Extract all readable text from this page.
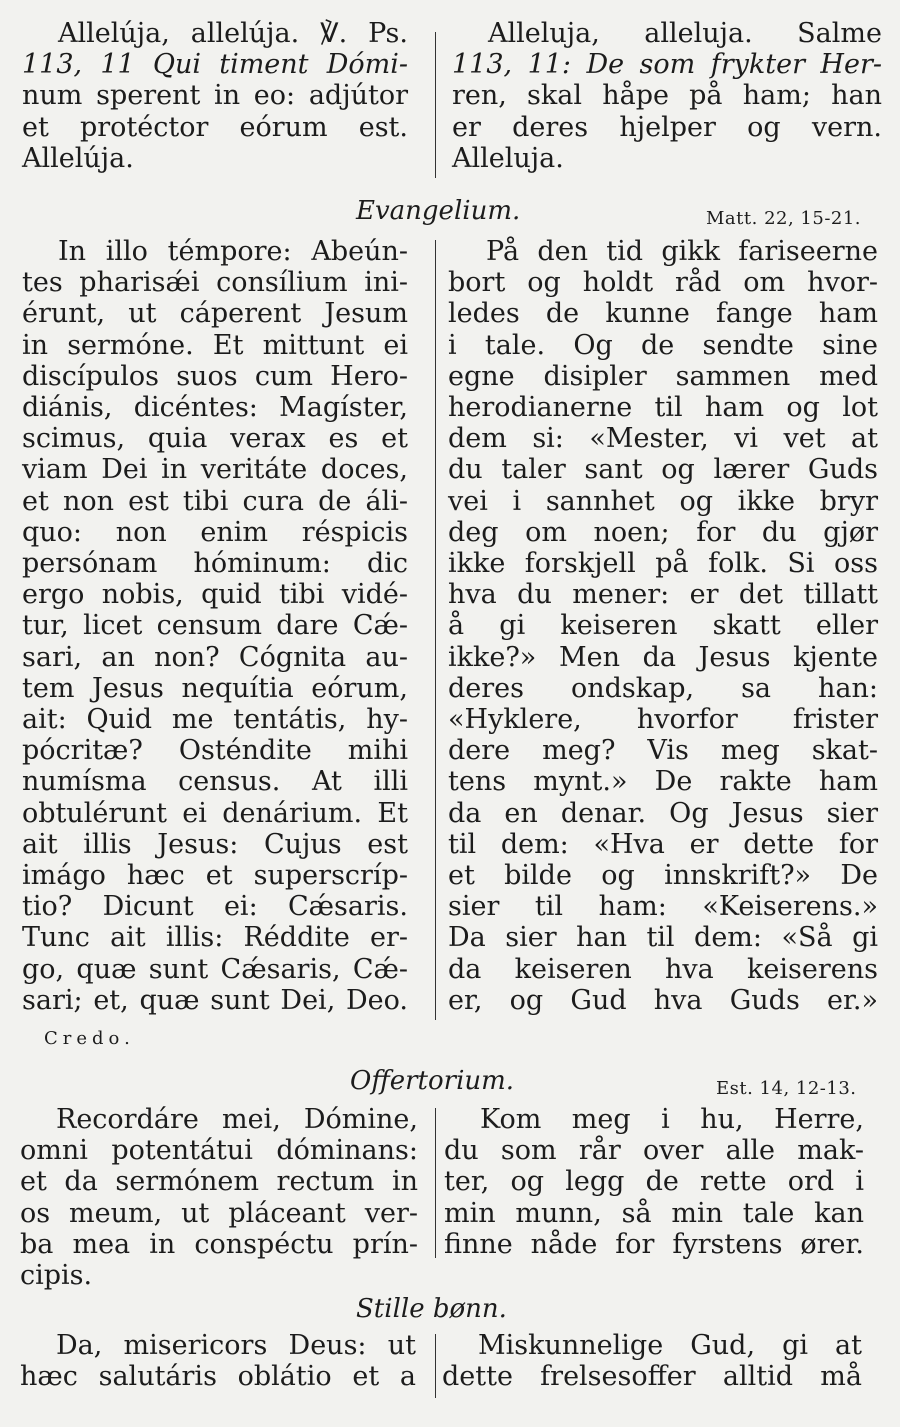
Allelúja, allelúja. ℣. Ps.
113, 11 Qui timent Dómi-
num sperent in eo: adjútor
et protéctor eórum est.
Allelúja.
Alleluja, alleluja. Salme
113, 11: De som frykter Her-
ren, skal håpe på ham; han
er deres hjelper og vern.
Alleluja.
Evangelium.	Matt. 22, 15-21.
In illo témpore: Abeún-
tes pharisǽi consílium ini-
érunt, ut cáperent Jesum
in sermóne. Et mittunt ei
discípulos suos cum Hero-
diánis, dicéntes: Magíster,
scimus, quia verax es et
viam Dei in veritáte doces,
et non est tibi cura de áli-
quo: non enim réspicis
persónam hóminum: dic
ergo nobis, quid tibi vidé-
tur, licet censum dare Cǽ-
sari, an non? Cógnita au-
tem Jesus nequítia eórum,
ait: Quid me tentátis, hy-
pócritæ? Osténdite mihi
numísma census. At illi
obtulérunt ei denárium. Et
ait illis Jesus: Cujus est
imágo hæc et superscríp-
tio? Dicunt ei: Cǽsaris.
Tunc ait illis: Réddite er-
go, quæ sunt Cǽsaris, Cǽ-
sari; et, quæ sunt Dei, Deo.
På den tid gikk fariseerne
bort og holdt råd om hvor-
ledes de kunne fange ham
i tale. Og de sendte sine
egne disipler sammen med
herodianerne til ham og lot
dem si: «Mester, vi vet at
du taler sant og lærer Guds
vei i sannhet og ikke bryr
deg om noen; for du gjør
ikke forskjell på folk. Si oss
hva du mener: er det tillatt
å gi keiseren skatt eller
ikke?» Men da Jesus kjente
deres ondskap, sa han:
«Hyklere, hvorfor frister
dere meg? Vis meg skat-
tens mynt.» De rakte ham
da en denar. Og Jesus sier
til dem: «Hva er dette for
et bilde og innskrift?» De
sier til ham: «Keiserens.»
Da sier han til dem: «Så gi
da keiseren hva keiserens
er, og Gud hva Guds er.»
Credo.
Offertorium.	Est. 14, 12-13.
Recordáre mei, Dómine,
omni potentátui dóminans:
et da sermónem rectum in
os meum, ut pláceant ver-
ba mea in conspéctu prín-
cipis.
Kom meg i hu, Herre,
du som rår over alle mak-
ter, og legg de rette ord i
min munn, så min tale kan
finne nåde for fyrstens ører.
Stille bønn.
Da, misericors Deus: ut
hæc salutáris oblátio et a
Miskunnelige Gud, gi at
dette frelsesoffer alltid må
